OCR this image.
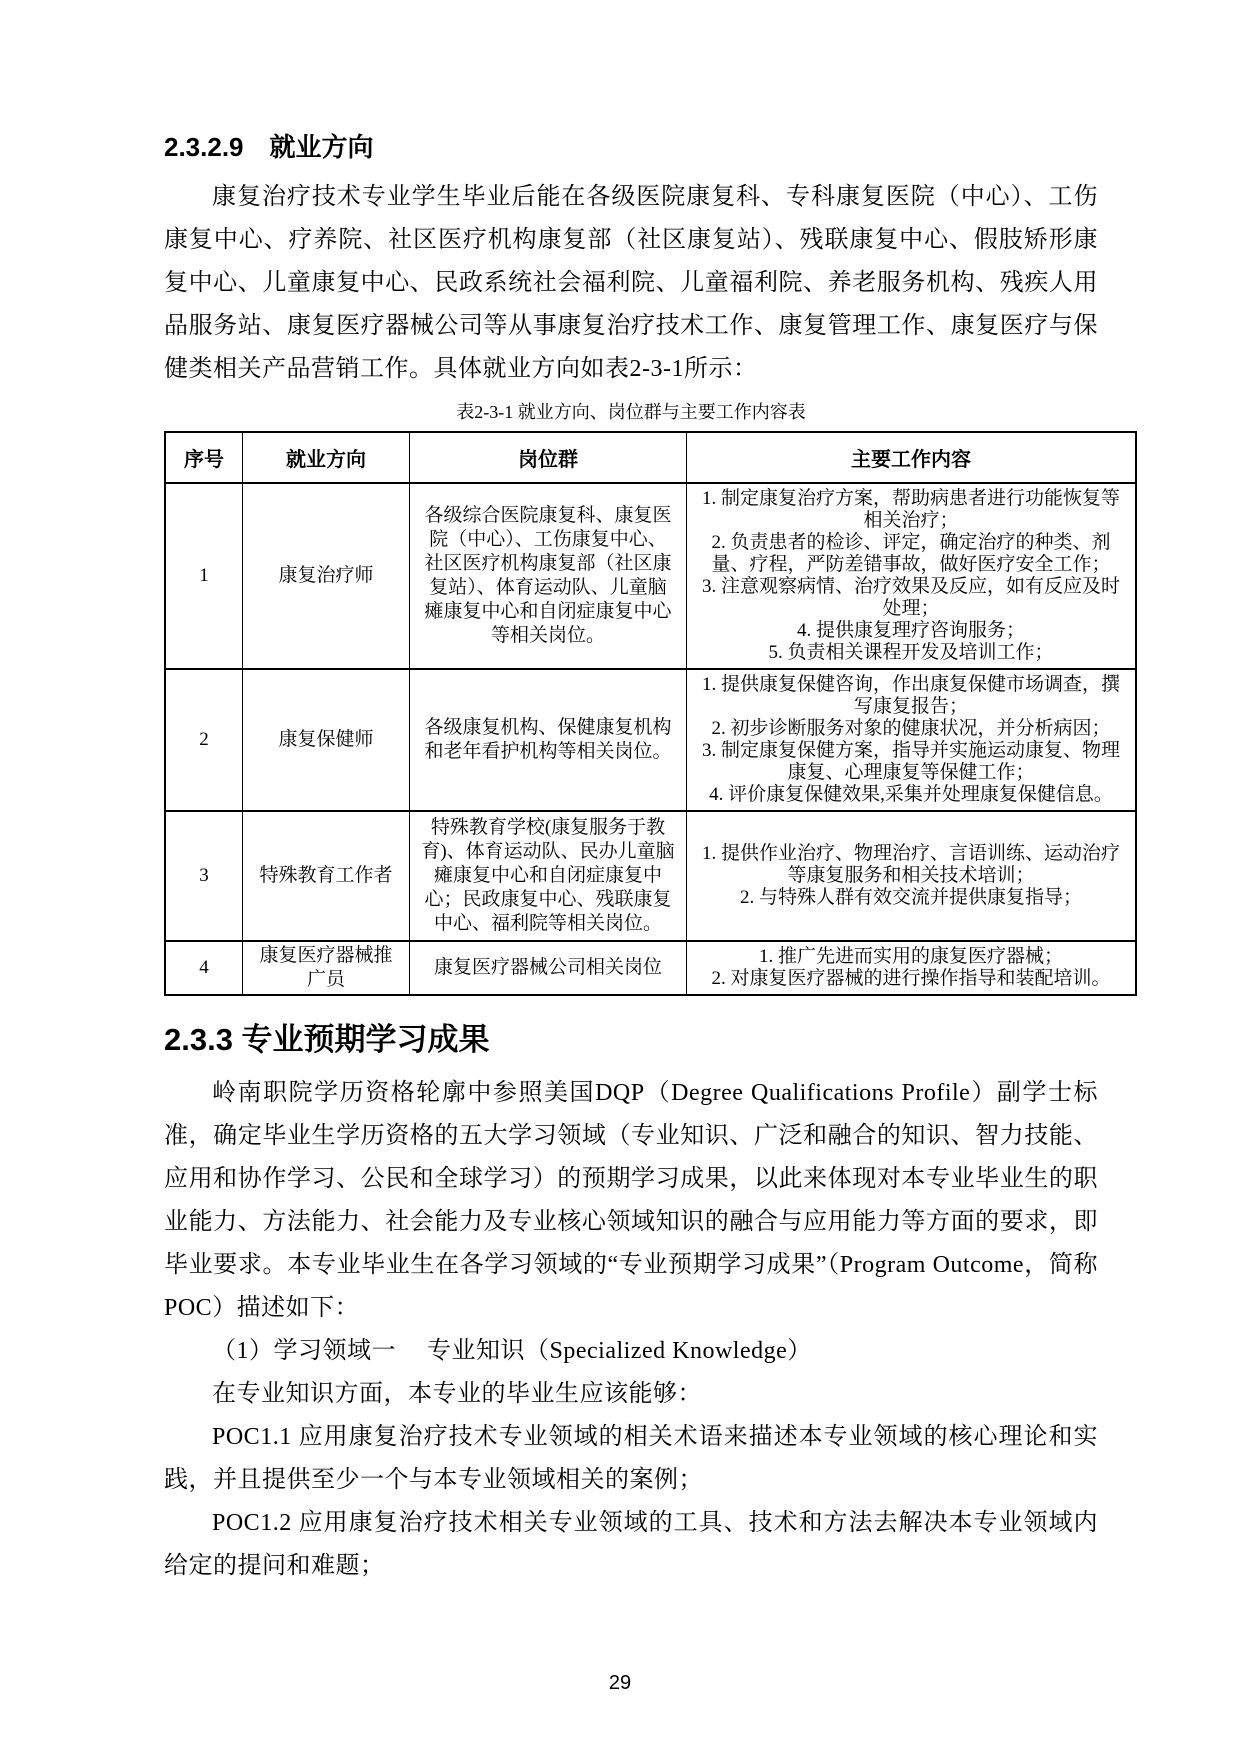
2.3.2.9　就业方向

康复治疗技术专业学生毕业后能在各级医院康复科、专科康复医院（中心）、工伤康复中心、疗养院、社区医疗机构康复部（社区康复站）、残联康复中心、假肢矫形康复中心、儿童康复中心、民政系统社会福利院、儿童福利院、养老服务机构、残疾人用品服务站、康复医疗器械公司等从事康复治疗技术工作、康复管理工作、康复医疗与保健类相关产品营销工作。具体就业方向如表2-3-1所示：

表2-3-1 就业方向、岗位群与主要工作内容表
序号	就业方向	岗位群	主要工作内容
1	康复治疗师	各级综合医院康复科、康复医院（中心）、工伤康复中心、社区医疗机构康复部（社区康复站）、体育运动队、儿童脑瘫康复中心和自闭症康复中心等相关岗位。	1. 制定康复治疗方案，帮助病患者进行功能恢复等相关治疗；
2. 负责患者的检诊、评定，确定治疗的种类、剂量、疗程，严防差错事故，做好医疗安全工作；
3. 注意观察病情、治疗效果及反应，如有反应及时处理；
4. 提供康复理疗咨询服务；
5. 负责相关课程开发及培训工作；

2	康复保健师	各级康复机构、保健康复机构和老年看护机构等相关岗位。	1. 提供康复保健咨询，作出康复保健市场调查，撰写康复报告；
2. 初步诊断服务对象的健康状况，并分析病因；
3. 制定康复保健方案，指导并实施运动康复、物理康复、心理康复等保健工作；
4. 评价康复保健效果,采集并处理康复保健信息。

3	特殊教育工作者	特殊教育学校(康复服务于教育)、体育运动队、民办儿童脑瘫康复中心和自闭症康复中心；民政康复中心、残联康复中心、福利院等相关岗位。	1. 提供作业治疗、物理治疗、言语训练、运动治疗等康复服务和相关技术培训；
2. 与特殊人群有效交流并提供康复指导；

4	康复医疗器械推广员	康复医疗器械公司相关岗位	1. 推广先进而实用的康复医疗器械；
2. 对康复医疗器械的进行操作指导和装配培训。
2.3.3 专业预期学习成果

岭南职院学历资格轮廓中参照美国DQP（Degree Qualifications Profile）副学士标准，确定毕业生学历资格的五大学习领域（专业知识、广泛和融合的知识、智力技能、应用和协作学习、公民和全球学习）的预期学习成果，以此来体现对本专业毕业生的职业能力、方法能力、社会能力及专业核心领域知识的融合与应用能力等方面的要求，即毕业要求。本专业毕业生在各学习领域的“专业预期学习成果”（Program Outcome，简称POC）描述如下：

（1）学习领域一　 专业知识（Specialized Knowledge）

在专业知识方面，本专业的毕业生应该能够：

POC1.1 应用康复治疗技术专业领域的相关术语来描述本专业领域的核心理论和实践，并且提供至少一个与本专业领域相关的案例；

POC1.2 应用康复治疗技术相关专业领域的工具、技术和方法去解决本专业领域内给定的提问和难题；

29
